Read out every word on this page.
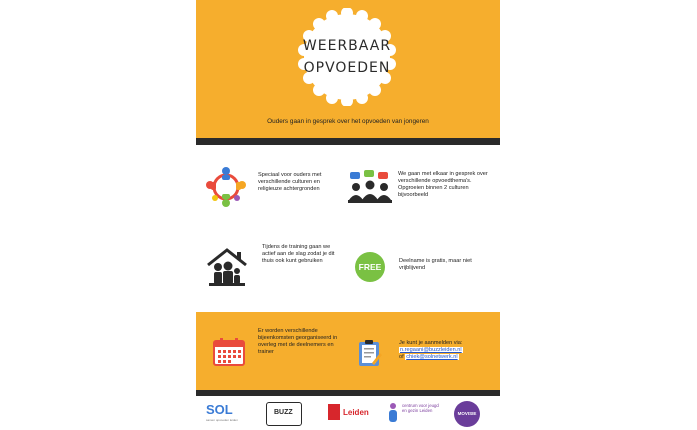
WEERBAAR
OPVOEDEN
Ouders gaan in gesprek over het opvoeden van jongeren
Speciaal voor ouders met verschillende culturen en religieuze achtergronden
We gaan met elkaar in gesprek over verschillende opvoedthema's. Opgroeien binnen 2 culturen bijvoorbeeld
Tijdens de training gaan we actief aan de slag zodat je dit thuis ook kunt gebruiken
FREE
Deelname is gratis, maar niet vrijblijvend
Er worden verschillende bijeenkomsten georganiseerd in overleg met de deelnemers en trainer
Je kunt je aanmelden via:
n.regaani@buzzleiden.nl
of chiek@solnetwerk.nl
SOL
samen opvoeden leiden
BUZZ	Leiden
centrum voor jeugd en gezin Leiden
MOVISIE
